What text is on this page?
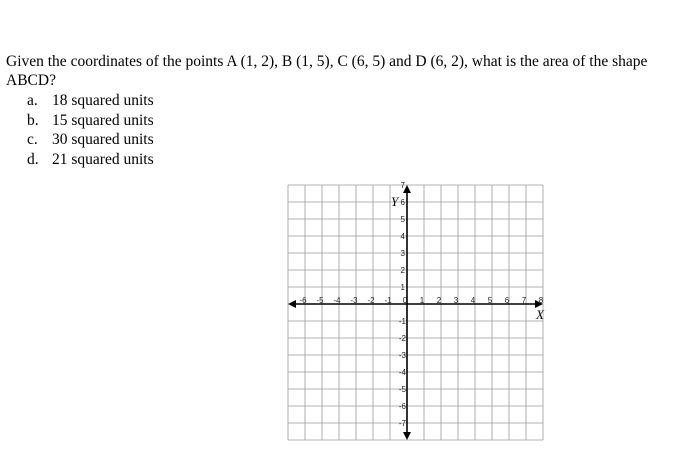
Given the coordinates of the points A (1, 2), B (1, 5), C (6, 5) and D (6, 2), what is the area of the shape ABCD?

a. 18 squared units
b. 15 squared units
c. 30 squared units
d. 21 squared units
-6 -5 -4 -3 -2 -1 0 1 2 3 4 5 6 7 8
7
6
5
4
3
2
1
-1
-2
-3
-4
-5
-6
-7
X
Y
